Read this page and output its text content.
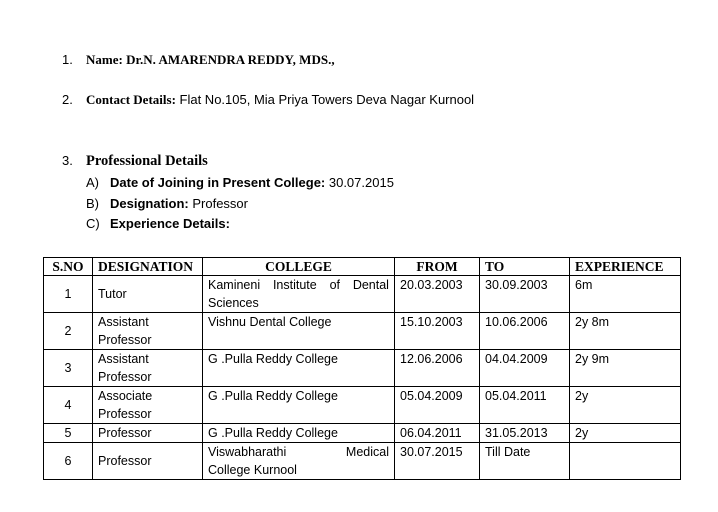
1. Name: Dr.N. AMARENDRA REDDY, MDS.,
2. Contact Details: Flat No.105, Mia Priya Towers Deva Nagar Kurnool
3. Professional Details
A) Date of Joining in Present College: 30.07.2015
B) Designation: Professor
C) Experience Details:
S.NO	DESIGNATION	COLLEGE	FROM	TO	EXPERIENCE
1	Tutor	Kamineni Institute of Dental
Sciences	20.03.2003	30.09.2003	6m
2	Assistant
Professor	Vishnu Dental College	15.10.2003	10.06.2006	2y 8m
3	Assistant
Professor	G .Pulla Reddy College	12.06.2006	04.04.2009	2y 9m
4	Associate
Professor	G .Pulla Reddy College	05.04.2009	05.04.2011	2y
5	Professor	G .Pulla Reddy College	06.04.2011	31.05.2013	2y
6	Professor	Viswabharathi Medical
College Kurnool	30.07.2015	Till Date	
